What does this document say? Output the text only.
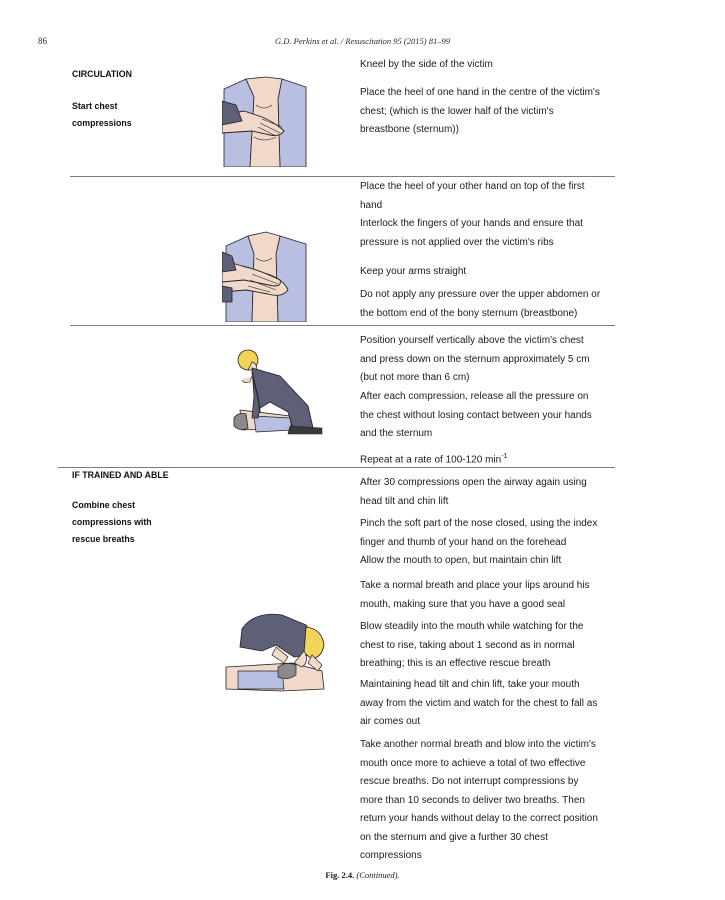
86	G.D. Perkins et al. / Resuscitation 95 (2015) 81–99
CIRCULATION
Start chest
compressions
IF TRAINED AND ABLE
Combine chest
compressions with
rescue breaths
Kneel by the side of the victim
Place the heel of one hand in the centre of the victim's
chest; (which is the lower half of the victim's
breastbone (sternum))
Place the heel of your other hand on top of the first
hand
Interlock the fingers of your hands and ensure that
pressure is not applied over the victim's ribs
Keep your arms straight
Do not apply any pressure over the upper abdomen or
the bottom end of the bony sternum (breastbone)
Position yourself vertically above the victim's chest
and press down on the sternum approximately 5 cm
(but not more than 6 cm)
After each compression, release all the pressure on
the chest without losing contact between your hands
and the sternum
Repeat at a rate of 100-120 $\min^{-1}$
After 30 compressions open the airway again using
head tilt and chin lift
Pinch the soft part of the nose closed, using the index
finger and thumb of your hand on the forehead
Allow the mouth to open, but maintain chin lift
Take a normal breath and place your lips around his
mouth, making sure that you have a good seal
Blow steadily into the mouth while watching for the
chest to rise, taking about 1 second as in normal
breathing; this is an effective rescue breath
Maintaining head tilt and chin lift, take your mouth
away from the victim and watch for the chest to fall as
air comes out
Take another normal breath and blow into the victim's
mouth once more to achieve a total of two effective
rescue breaths. Do not interrupt compressions by
more than 10 seconds to deliver two breaths. Then
return your hands without delay to the correct position
on the sternum and give a further 30 chest
compressions
Fig. 2.4. (Continued).
